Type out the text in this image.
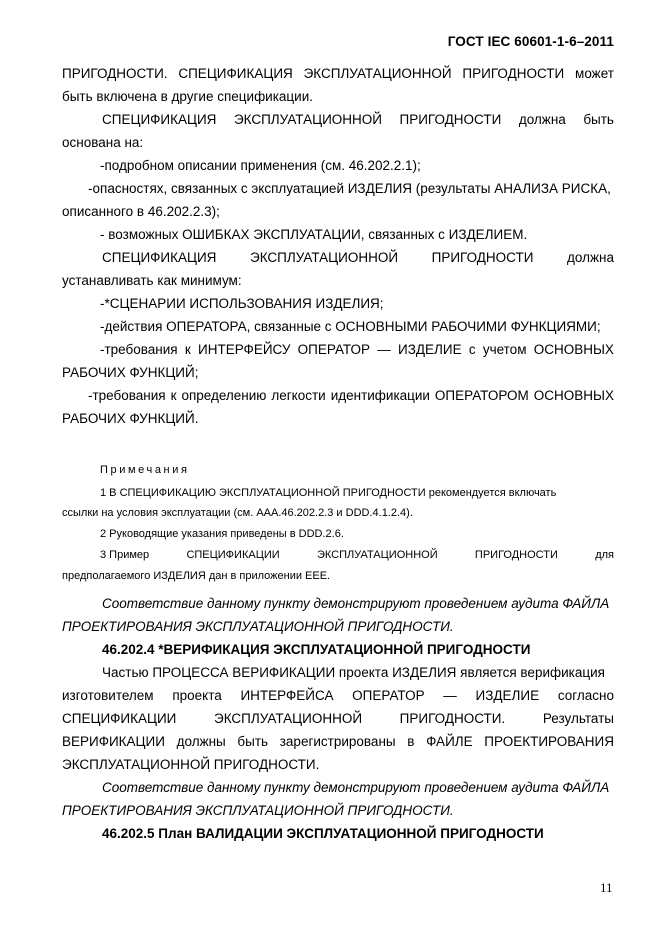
ГОСТ IEC 60601-1-6–2011
ПРИГОДНОСТИ. СПЕЦИФИКАЦИЯ ЭКСПЛУАТАЦИОННОЙ ПРИГОДНОСТИ может
быть включена в другие спецификации.
СПЕЦИФИКАЦИЯ ЭКСПЛУАТАЦИОННОЙ ПРИГОДНОСТИ должна быть
основана на:
-подробном описании применения (см. 46.202.2.1);
-опасностях, связанных с эксплуатацией ИЗДЕЛИЯ (результаты АНАЛИЗА РИСКА,
описанного в 46.202.2.3);
- возможных ОШИБКАХ ЭКСПЛУАТАЦИИ, связанных с ИЗДЕЛИЕМ.
СПЕЦИФИКАЦИЯ ЭКСПЛУАТАЦИОННОЙ ПРИГОДНОСТИ должна
устанавливать как минимум:
-*СЦЕНАРИИ ИСПОЛЬЗОВАНИЯ ИЗДЕЛИЯ;
-действия ОПЕРАТОРА, связанные с ОСНОВНЫМИ РАБОЧИМИ ФУНКЦИЯМИ;
-требования к ИНТЕРФЕЙСУ ОПЕРАТОР — ИЗДЕЛИЕ с учетом ОСНОВНЫХ
РАБОЧИХ ФУНКЦИЙ;
-требования к определению легкости идентификации ОПЕРАТОРОМ ОСНОВНЫХ
РАБОЧИХ ФУНКЦИЙ.
Примечания
1 В СПЕЦИФИКАЦИЮ ЭКСПЛУАТАЦИОННОЙ ПРИГОДНОСТИ рекомендуется включать
ссылки на условия эксплуатации (см. ААА.46.202.2.3 и DDD.4.1.2.4).
2 Руководящие указания приведены в DDD.2.6.
3 Пример	СПЕЦИФИКАЦИИ	ЭКСПЛУАТАЦИОННОЙ	ПРИГОДНОСТИ	для
предполагаемого ИЗДЕЛИЯ дан в приложении ЕЕЕ.
Соответствие данному пункту демонстрируют проведением аудита ФАЙЛА
ПРОЕКТИРОВАНИЯ ЭКСПЛУАТАЦИОННОЙ ПРИГОДНОСТИ.
46.202.4 *ВЕРИФИКАЦИЯ ЭКСПЛУАТАЦИОННОЙ ПРИГОДНОСТИ
Частью ПРОЦЕССА ВЕРИФИКАЦИИ проекта ИЗДЕЛИЯ является верификация
изготовителем проекта ИНТЕРФЕЙСА ОПЕРАТОР — ИЗДЕЛИЕ согласно
СПЕЦИФИКАЦИИ	ЭКСПЛУАТАЦИОННОЙ	ПРИГОДНОСТИ.	Результаты
ВЕРИФИКАЦИИ должны быть зарегистрированы в ФАЙЛЕ ПРОЕКТИРОВАНИЯ
ЭКСПЛУАТАЦИОННОЙ ПРИГОДНОСТИ.
Соответствие данному пункту демонстрируют проведением аудита ФАЙЛА
ПРОЕКТИРОВАНИЯ ЭКСПЛУАТАЦИОННОЙ ПРИГОДНОСТИ.
46.202.5 План ВАЛИДАЦИИ ЭКСПЛУАТАЦИОННОЙ ПРИГОДНОСТИ
11
